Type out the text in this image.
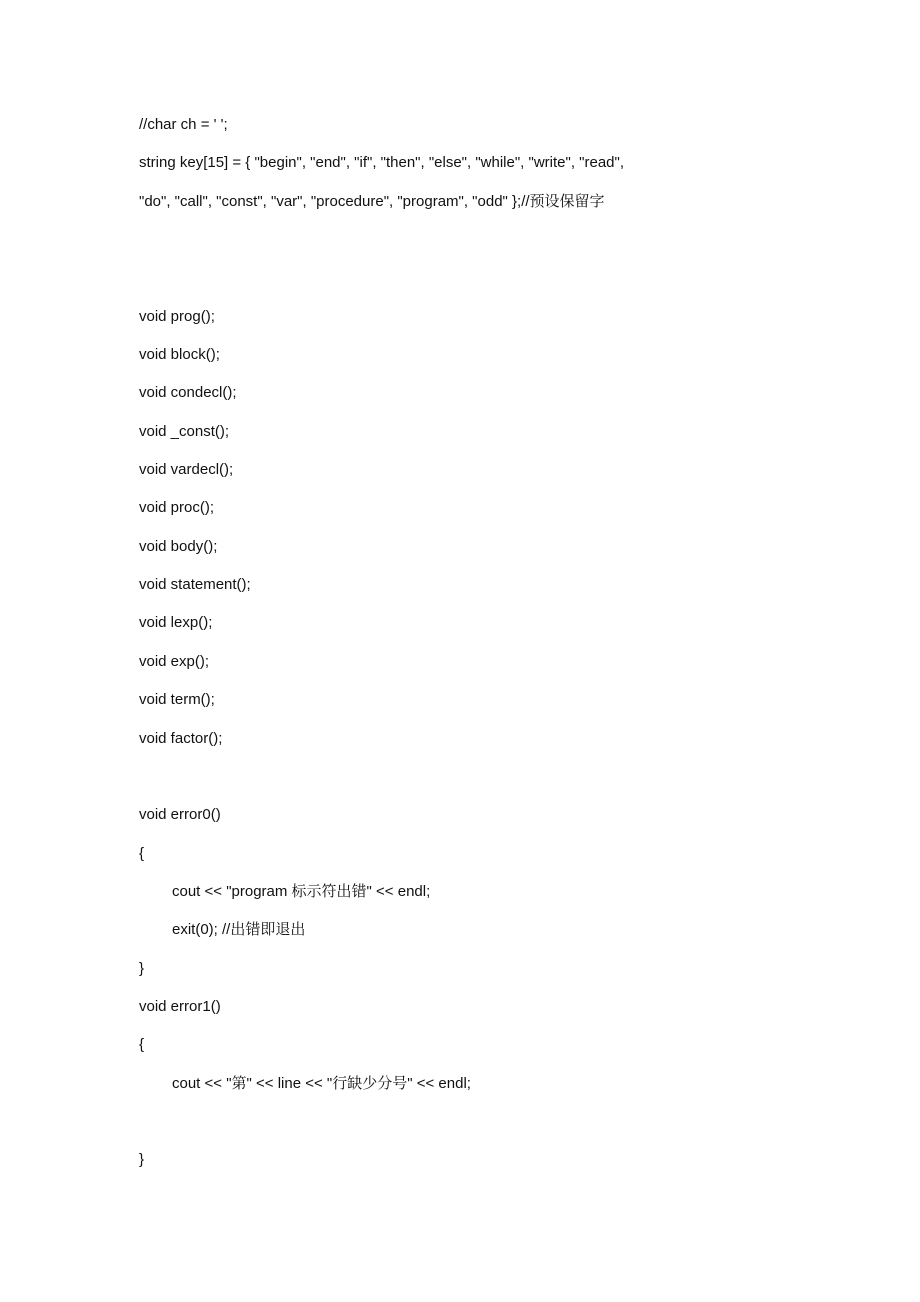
//char ch = ' ';
string key[15] = { "begin", "end", "if", "then", "else", "while", "write", "read",
"do", "call", "const", "var", "procedure", "program", "odd" };//预设保留字
void prog();
void block();
void condecl();
void _const();
void vardecl();
void proc();
void body();
void statement();
void lexp();
void exp();
void term();
void factor();
void error0()
{
cout << "program 标示符出错" << endl;
exit(0); //出错即退出
}
void error1()
{
cout << "第" << line << "行缺少分号" << endl;
}
